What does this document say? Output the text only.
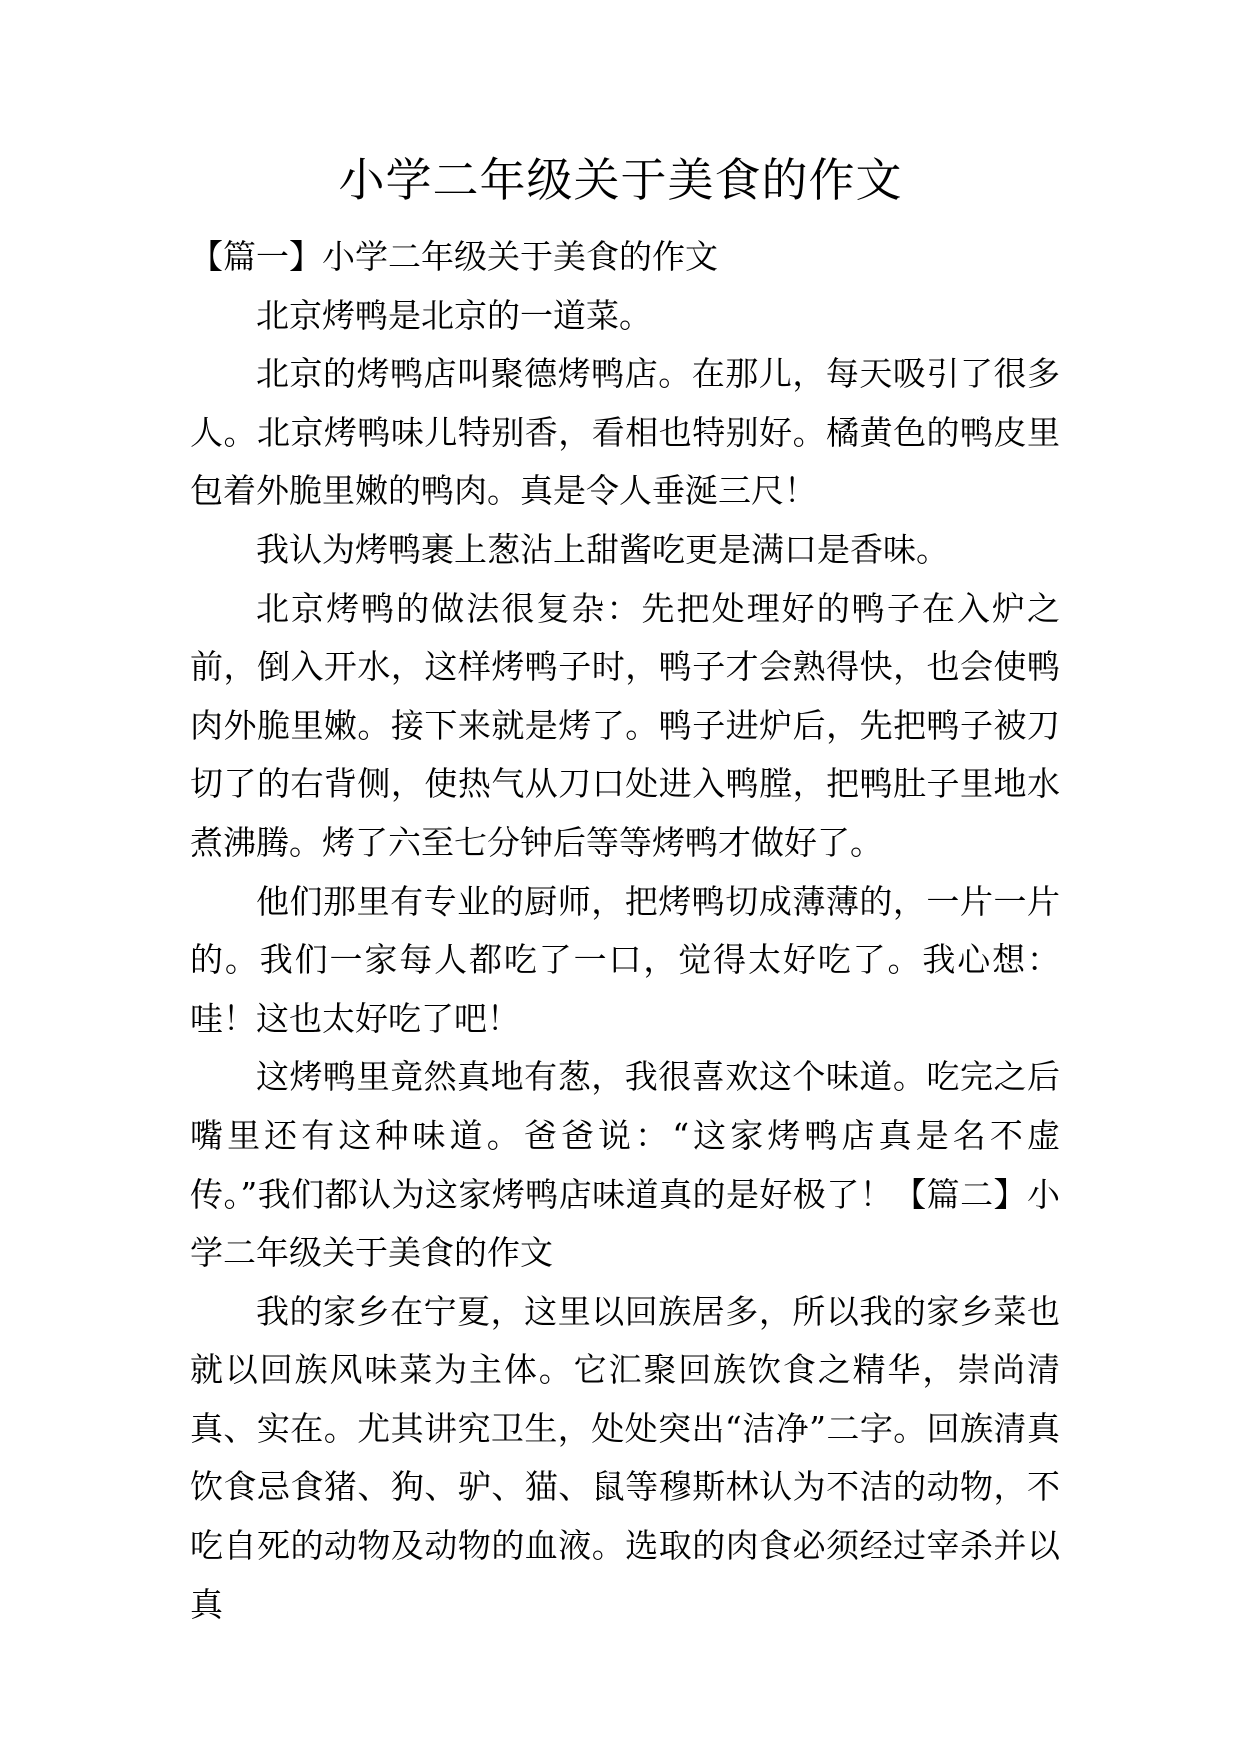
小学二年级关于美食的作文

【篇一】小学二年级关于美食的作文

北京烤鸭是北京的一道菜。

北京的烤鸭店叫聚德烤鸭店。在那儿，每天吸引了很多人。北京烤鸭味儿特别香，看相也特别好。橘黄色的鸭皮里包着外脆里嫩的鸭肉。真是令人垂涎三尺！

我认为烤鸭裹上葱沾上甜酱吃更是满口是香味。

北京烤鸭的做法很复杂：先把处理好的鸭子在入炉之前，倒入开水，这样烤鸭子时，鸭子才会熟得快，也会使鸭肉外脆里嫩。接下来就是烤了。鸭子进炉后，先把鸭子被刀切了的右背侧，使热气从刀口处进入鸭膛，把鸭肚子里地水煮沸腾。烤了六至七分钟后等等烤鸭才做好了。

他们那里有专业的厨师，把烤鸭切成薄薄的，一片一片的。我们一家每人都吃了一口，觉得太好吃了。我心想：哇！这也太好吃了吧！

这烤鸭里竟然真地有葱，我很喜欢这个味道。吃完之后嘴里还有这种味道。爸爸说：“这家烤鸭店真是名不虚传。”我们都认为这家烤鸭店味道真的是好极了！【篇二】小学二年级关于美食的作文

我的家乡在宁夏，这里以回族居多，所以我的家乡菜也就以回族风味菜为主体。它汇聚回族饮食之精华，崇尚清真、实在。尤其讲究卫生，处处突出“洁净”二字。回族清真饮食忌食猪、狗、驴、猫、鼠等穆斯林认为不洁的动物，不吃自死的动物及动物的血液。选取的肉食必须经过宰杀并以真
